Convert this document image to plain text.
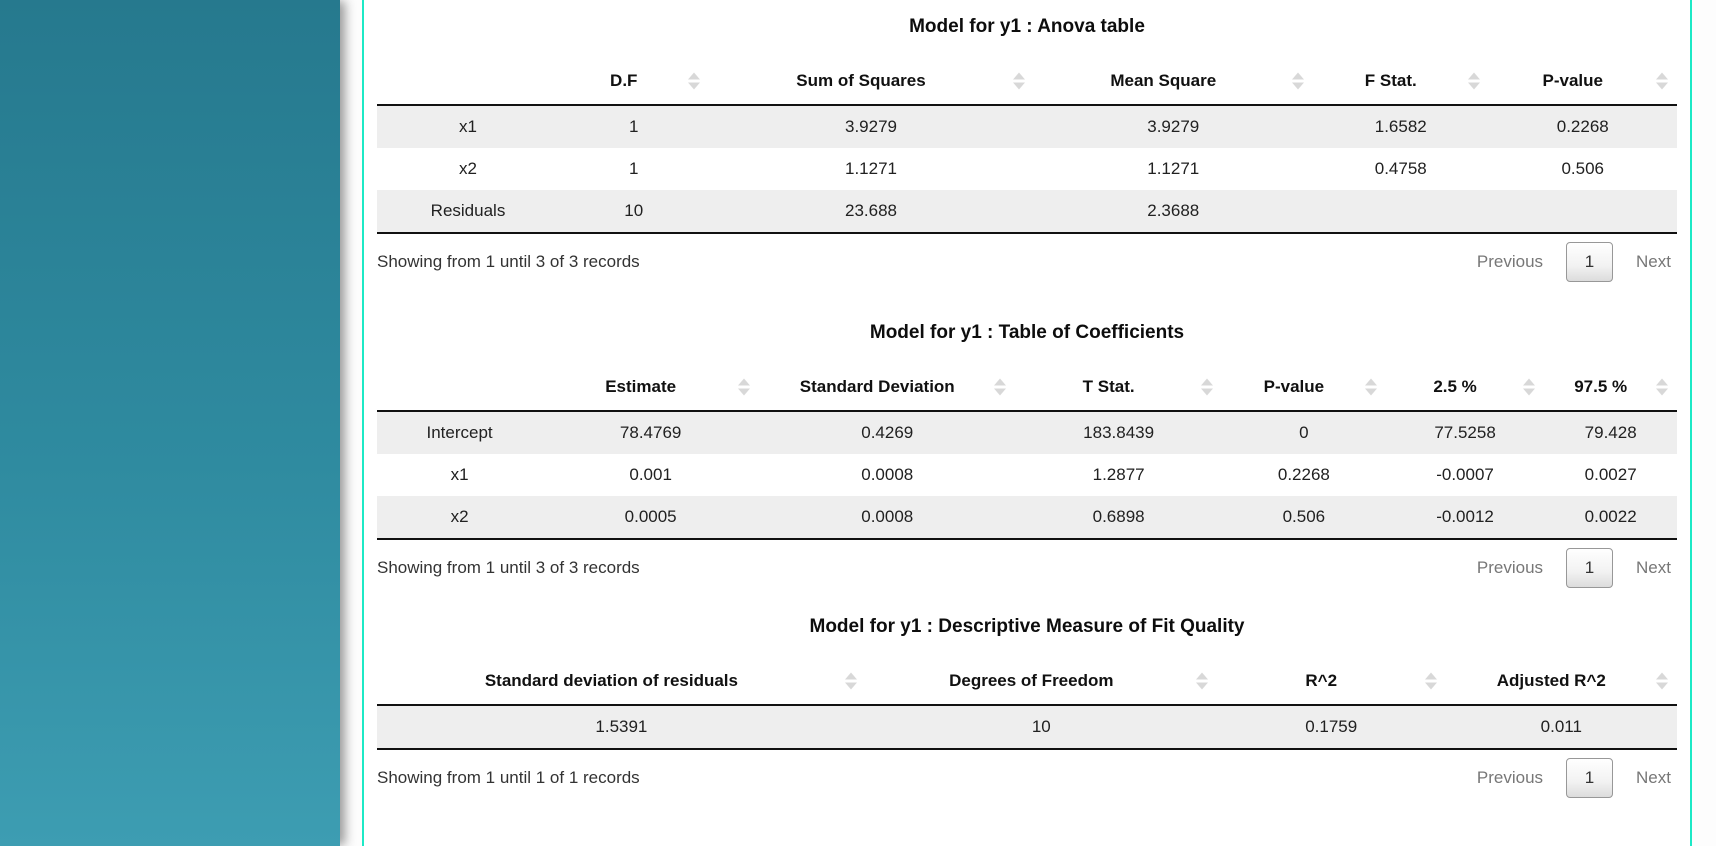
Model for y1 : Anova table
	D.F	Sum of Squares	Mean Square	F Stat.	P-value

x1	1	3.9279	3.9279	1.6582	0.2268
x2	1	1.1271	1.1271	0.4758	0.506
Residuals	10	23.688	2.3688		
Showing from 1 until 3 of 3 records	Previous	1	Next
Model for y1 : Table of Coefficients
	Estimate	Standard Deviation	T Stat.	P-value	2.5 %	97.5 %

Intercept	78.4769	0.4269	183.8439	0	77.5258	79.428
x1	0.001	0.0008	1.2877	0.2268	-0.0007	0.0027
x2	0.0005	0.0008	0.6898	0.506	-0.0012	0.0022
Showing from 1 until 3 of 3 records	Previous	1	Next
Model for y1 : Descriptive Measure of Fit Quality
Standard deviation of residuals	Degrees of Freedom	R^2	Adjusted R^2

1.5391	10	0.1759	0.011
Showing from 1 until 1 of 1 records	Previous	1	Next
